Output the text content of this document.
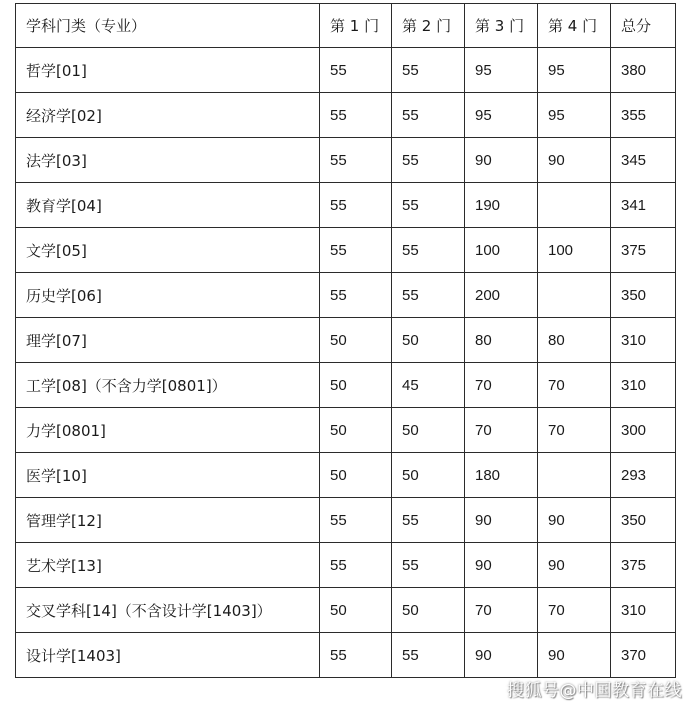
学科门类（专业）	第 1 门	第 2 门	第 3 门	第 4 门	总分
哲学[01]	55	55	95	95	380
经济学[02]	55	55	95	95	355
法学[03]	55	55	90	90	345
教育学[04]	55	55	190		341
文学[05]	55	55	100	100	375
历史学[06]	55	55	200		350
理学[07]	50	50	80	80	310
工学[08]（不含力学[0801]）	50	45	70	70	310
力学[0801]	50	50	70	70	300
医学[10]	50	50	180		293
管理学[12]	55	55	90	90	350
艺术学[13]	55	55	90	90	375
交叉学科[14]（不含设计学[1403]）	50	50	70	70	310
设计学[1403]	55	55	90	90	370
搜狐号@中国教育在线
